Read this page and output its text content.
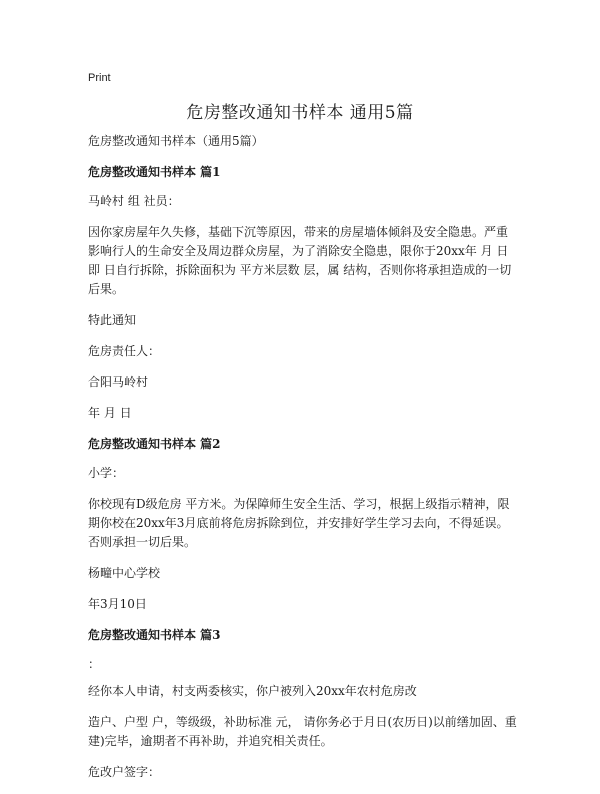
Print
危房整改通知书样本 通用5篇

危房整改通知书样本（通用5篇）

危房整改通知书样本 篇1

马岭村 组 社员：

因你家房屋年久失修，基础下沉等原因，带来的房屋墙体倾斜及安全隐患。严重影响行人的生命安全及周边群众房屋，为了消除安全隐患，限你于20xx年 月 日即 日自行拆除，拆除面积为 平方米层数 层，属 结构，否则你将承担造成的一切后果。

特此通知

危房责任人：

合阳马岭村

年 月 日

危房整改通知书样本 篇2

小学：

你校现有D级危房 平方米。为保障师生安全生活、学习，根据上级指示精神，限期你校在20xx年3月底前将危房拆除到位，并安排好学生学习去向，不得延误。否则承担一切后果。

杨疃中心学校

年3月10日

危房整改通知书样本 篇3

：

经你本人申请，村支两委核实，你户被列入20xx年农村危房改

造户、户型 户，等级级，补助标准 元， 请你务必于月日(农历日)以前缮加固、重建)完毕，逾期者不再补助，并追究相关责任。

危改户签字：
